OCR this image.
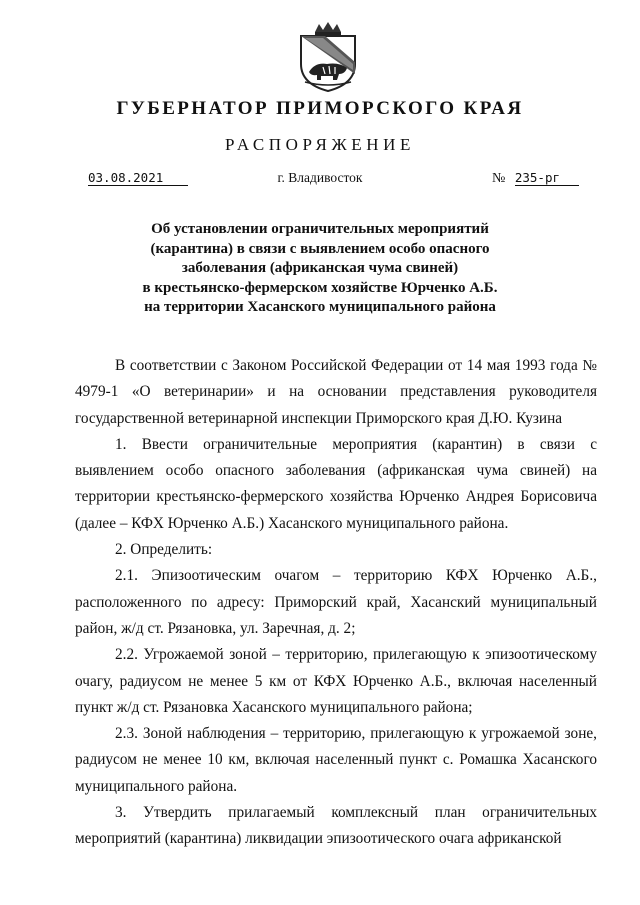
ГУБЕРНАТОР ПРИМОРСКОГО КРАЯ
РАСПОРЯЖЕНИЕ
03.08.2021	г. Владивосток	№ 235-рг
Об установлении ограничительных мероприятий
(карантина) в связи с выявлением особо опасного
заболевания (африканская чума свиней)
в крестьянско-фермерском хозяйстве Юрченко А.Б.
на территории Хасанского муниципального района

В соответствии с Законом Российской Федерации от 14 мая 1993 года № 4979-1 «О ветеринарии» и на основании представления руководителя государственной ветеринарной инспекции Приморского края Д.Ю. Кузина

1. Ввести ограничительные мероприятия (карантин) в связи с выявлением особо опасного заболевания (африканская чума свиней) на территории крестьянско-фермерского хозяйства Юрченко Андрея Борисовича (далее – КФХ Юрченко А.Б.) Хасанского муниципального района.

2. Определить:

2.1. Эпизоотическим очагом – территорию КФХ Юрченко А.Б., расположенного по адресу: Приморский край, Хасанский муниципальный район, ж/д ст. Рязановка, ул. Заречная, д. 2;

2.2. Угрожаемой зоной – территорию, прилегающую к эпизоотическому очагу, радиусом не менее 5 км от КФХ Юрченко А.Б., включая населенный пункт ж/д ст. Рязановка Хасанского муниципального района;

2.3. Зоной наблюдения – территорию, прилегающую к угрожаемой зоне, радиусом не менее 10 км, включая населенный пункт с. Ромашка Хасанского муниципального района.

3. Утвердить прилагаемый комплексный план ограничительных мероприятий (карантина) ликвидации эпизоотического очага африканской
